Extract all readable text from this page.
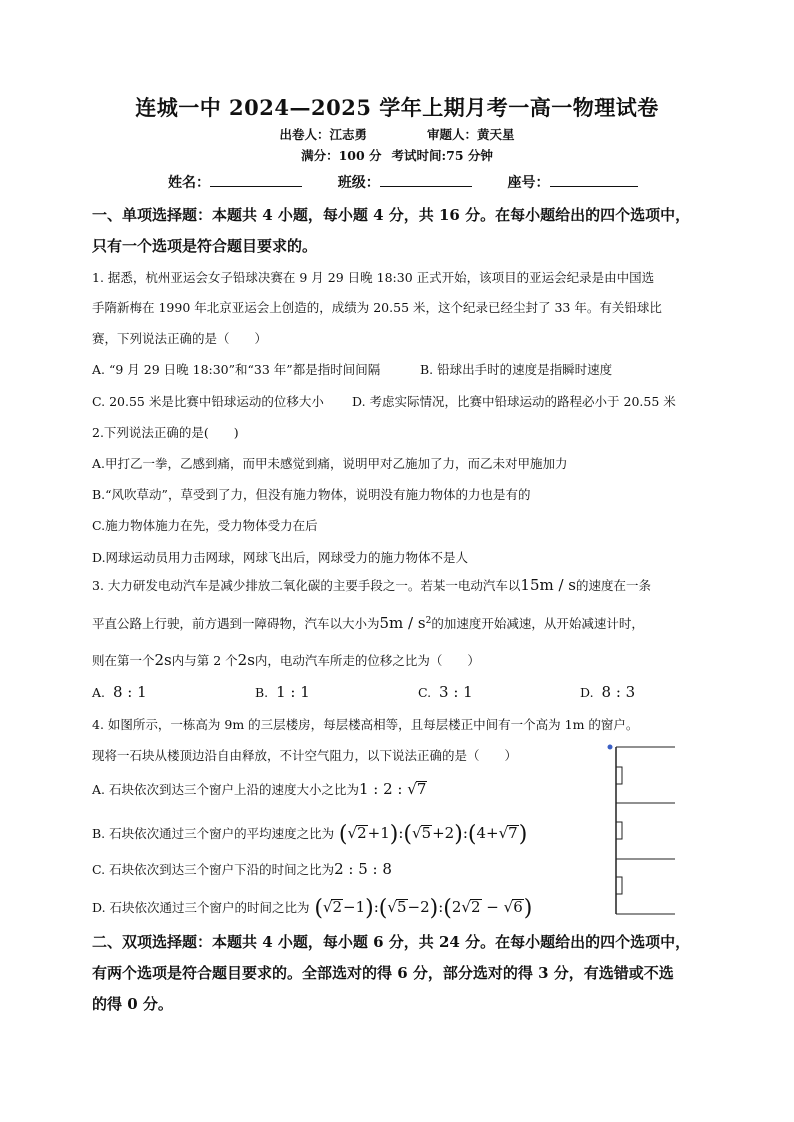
连城一中 2024—2025 学年上期月考一高一物理试卷
出卷人：江志勇	审题人：黄天星
满分：100 分 考试时间:75 分钟
姓名：	班级：	座号：
一、单项选择题：本题共 4 小题，每小题 4 分，共 16 分。在每小题给出的四个选项中，
只有一个选项是符合题目要求的。
1. 据悉，杭州亚运会女子铅球决赛在 9 月 29 日晚 18:30 正式开始，该项目的亚运会纪录是由中国选
手隋新梅在 1990 年北京亚运会上创造的，成绩为 20.55 米，这个纪录已经尘封了 33 年。有关铅球比
赛，下列说法正确的是（　　）
A. “9 月 29 日晚 18:30”和“33 年”都是指时间间隔	B. 铅球出手时的速度是指瞬时速度
C. 20.55 米是比赛中铅球运动的位移大小 D. 考虑实际情况，比赛中铅球运动的路程必小于 20.55 米
2.下列说法正确的是(　　)
A.甲打乙一拳，乙感到痛，而甲未感觉到痛，说明甲对乙施加了力，而乙未对甲施加力
B.“风吹草动”，草受到了力，但没有施力物体，说明没有施力物体的力也是有的
C.施力物体施力在先，受力物体受力在后
D.网球运动员用力击网球，网球飞出后，网球受力的施力物体不是人
3. 大力研发电动汽车是减少排放二氧化碳的主要手段之一。若某一电动汽车以15m / s的速度在一条
平直公路上行驶，前方遇到一障碍物，汽车以大小为$5m / s^2$的加速度开始减速，从开始减速计时，
则在第一个2s内与第 2 个2s内，电动汽车所走的位移之比为（　　）
A. 8 : 1	B. 1 : 1	C. 3 : 1	D. 8 : 3
4. 如图所示，一栋高为 9m 的三层楼房，每层楼高相等，且每层楼正中间有一个高为 1m 的窗户。
现将一石块从楼顶边沿自由释放，不计空气阻力，以下说法正确的是（　　）
A. 石块依次到达三个窗户上沿的速度大小之比为1 : 2 : √7
B. 石块依次通过三个窗户的平均速度之比为 (√2+1):(√5+2):(4+√7)
C. 石块依次到达三个窗户下沿的时间之比为2 : 5 : 8
D. 石块依次通过三个窗户的时间之比为 (√2−1):(√5−2):(2√2 − √6)
二、双项选择题：本题共 4 小题，每小题 6 分，共 24 分。在每小题给出的四个选项中，
有两个选项是符合题目要求的。全部选对的得 6 分，部分选对的得 3 分，有选错或不选
的得 0 分。
